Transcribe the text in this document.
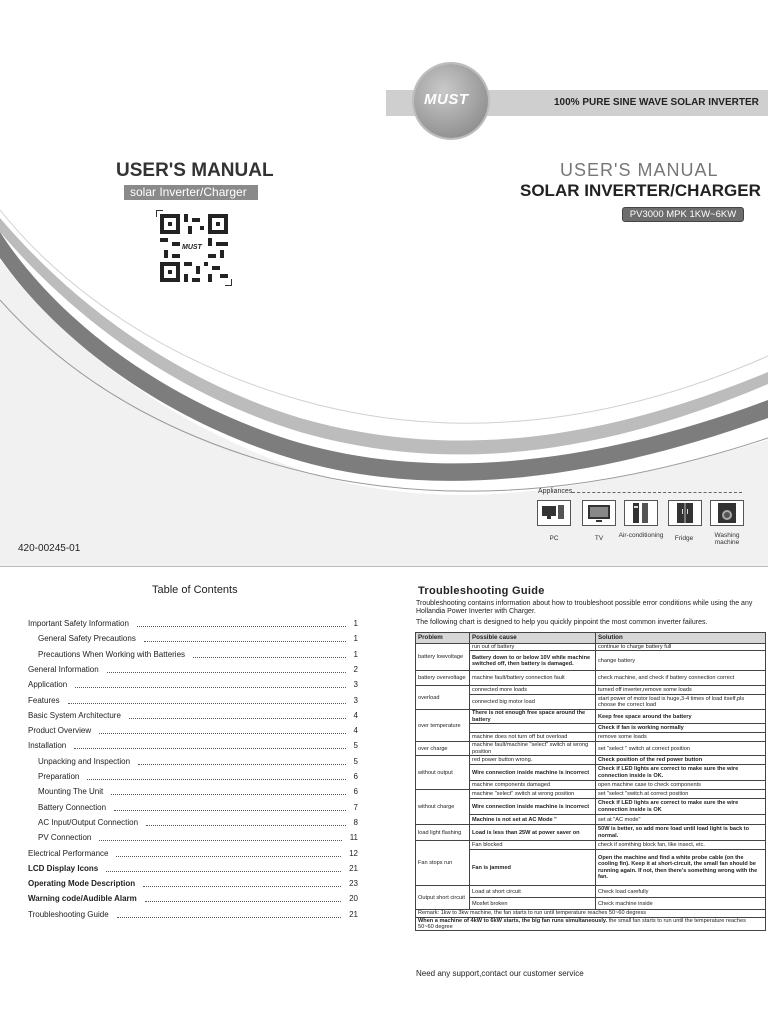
100% PURE SINE WAVE SOLAR INVERTER
MUST
USER'S MANUAL
solar Inverter/Charger
USER'S MANUAL
SOLAR INVERTER/CHARGER
PV3000 MPK 1KW~6KW
MUST
420-00245-01
Appliances
PC	TV	Air-conditioning	Fridge	Washing machine
Table of Contents
Important Safety Information	1
General Safety Precautions	1
Precautions When Working with Batteries	1
General Information	2
Application	3
Features	3
Basic System Architecture	4
Product Overview	4
Installation	5
Unpacking and Inspection	5
Preparation	6
Mounting The Unit	6
Battery Connection	7
AC Input/Output Connection	8
PV Connection	11
Electrical Performance	12
LCD Display Icons	21
Operating Mode Description	23
Warning code/Audible Alarm	20
Troubleshooting Guide	21
Troubleshooting Guide
Troubleshooting contains information about how to troubleshoot possible error conditions while using the any Hollandia Power Inverter with Charger.
The following chart is designed to help you quickly pinpoint the most common inverter failures.
Problem	Possible cause	Solution
battery lowvoltage	run out of battery	continue to charge battery full
	Battery down to or below 10V while machine switched off, then battery is damaged.	change battery
battery overvoltage	machine fault/battery connection fault	check machine, and check if battery connection correct
overload	connected more loads	turned off inverter,remove some loads
	connected big motor load	start power of motor load is huge,3-4 times of load itself,pls choose the correct load
over temperature	There is not enough free space around the battery	Keep free space around the battery
		Check if fan is working normally
	machine does not turn off but overload	remove some loads
over charge	machine fault/machine "select" switch at wrong position	set "select " switch at correct position
without output	red power button wrong.	Check position of the red power button
	Wire connection inside machine is incorrect	Check if LED lights are correct to make sure the wire connection inside is OK.
	machine components damaged	open machine case to check components
without charge	machine "select" switch at wrong position	set "select "switch at correct position
	Wire connection inside machine is incorrect	Check if LED lights are correct to make sure the wire connection inside is OK
	Machine is not set at AC Mode "	set at "AC mode"
load light flashing	Load is less than 25W at power saver on	50W is better, so add more load until load light is back to normal.
Fan stops run	Fan blocked	check if somthing block fan, like insect, etc.
	Fan is jammed	Open the machine and find a white probe cable (on the cooling fin). Keep it at short-circuit, the small fan should be running again. If not, then there's something wrong with the fan.
Output short circuit	Load at short circuit	Check load carefully
	Mosfet broken	Check machine inside
Remark: 1kw to 3kw machine, the fan starts to run until temperature reaches 50~60 degress		
When a machine of 4kW to 6kW starts, the big fan runs simultaneously. the small fan starts to run until the temperature reaches 50~60 degree		
Need any support,contact our customer service
